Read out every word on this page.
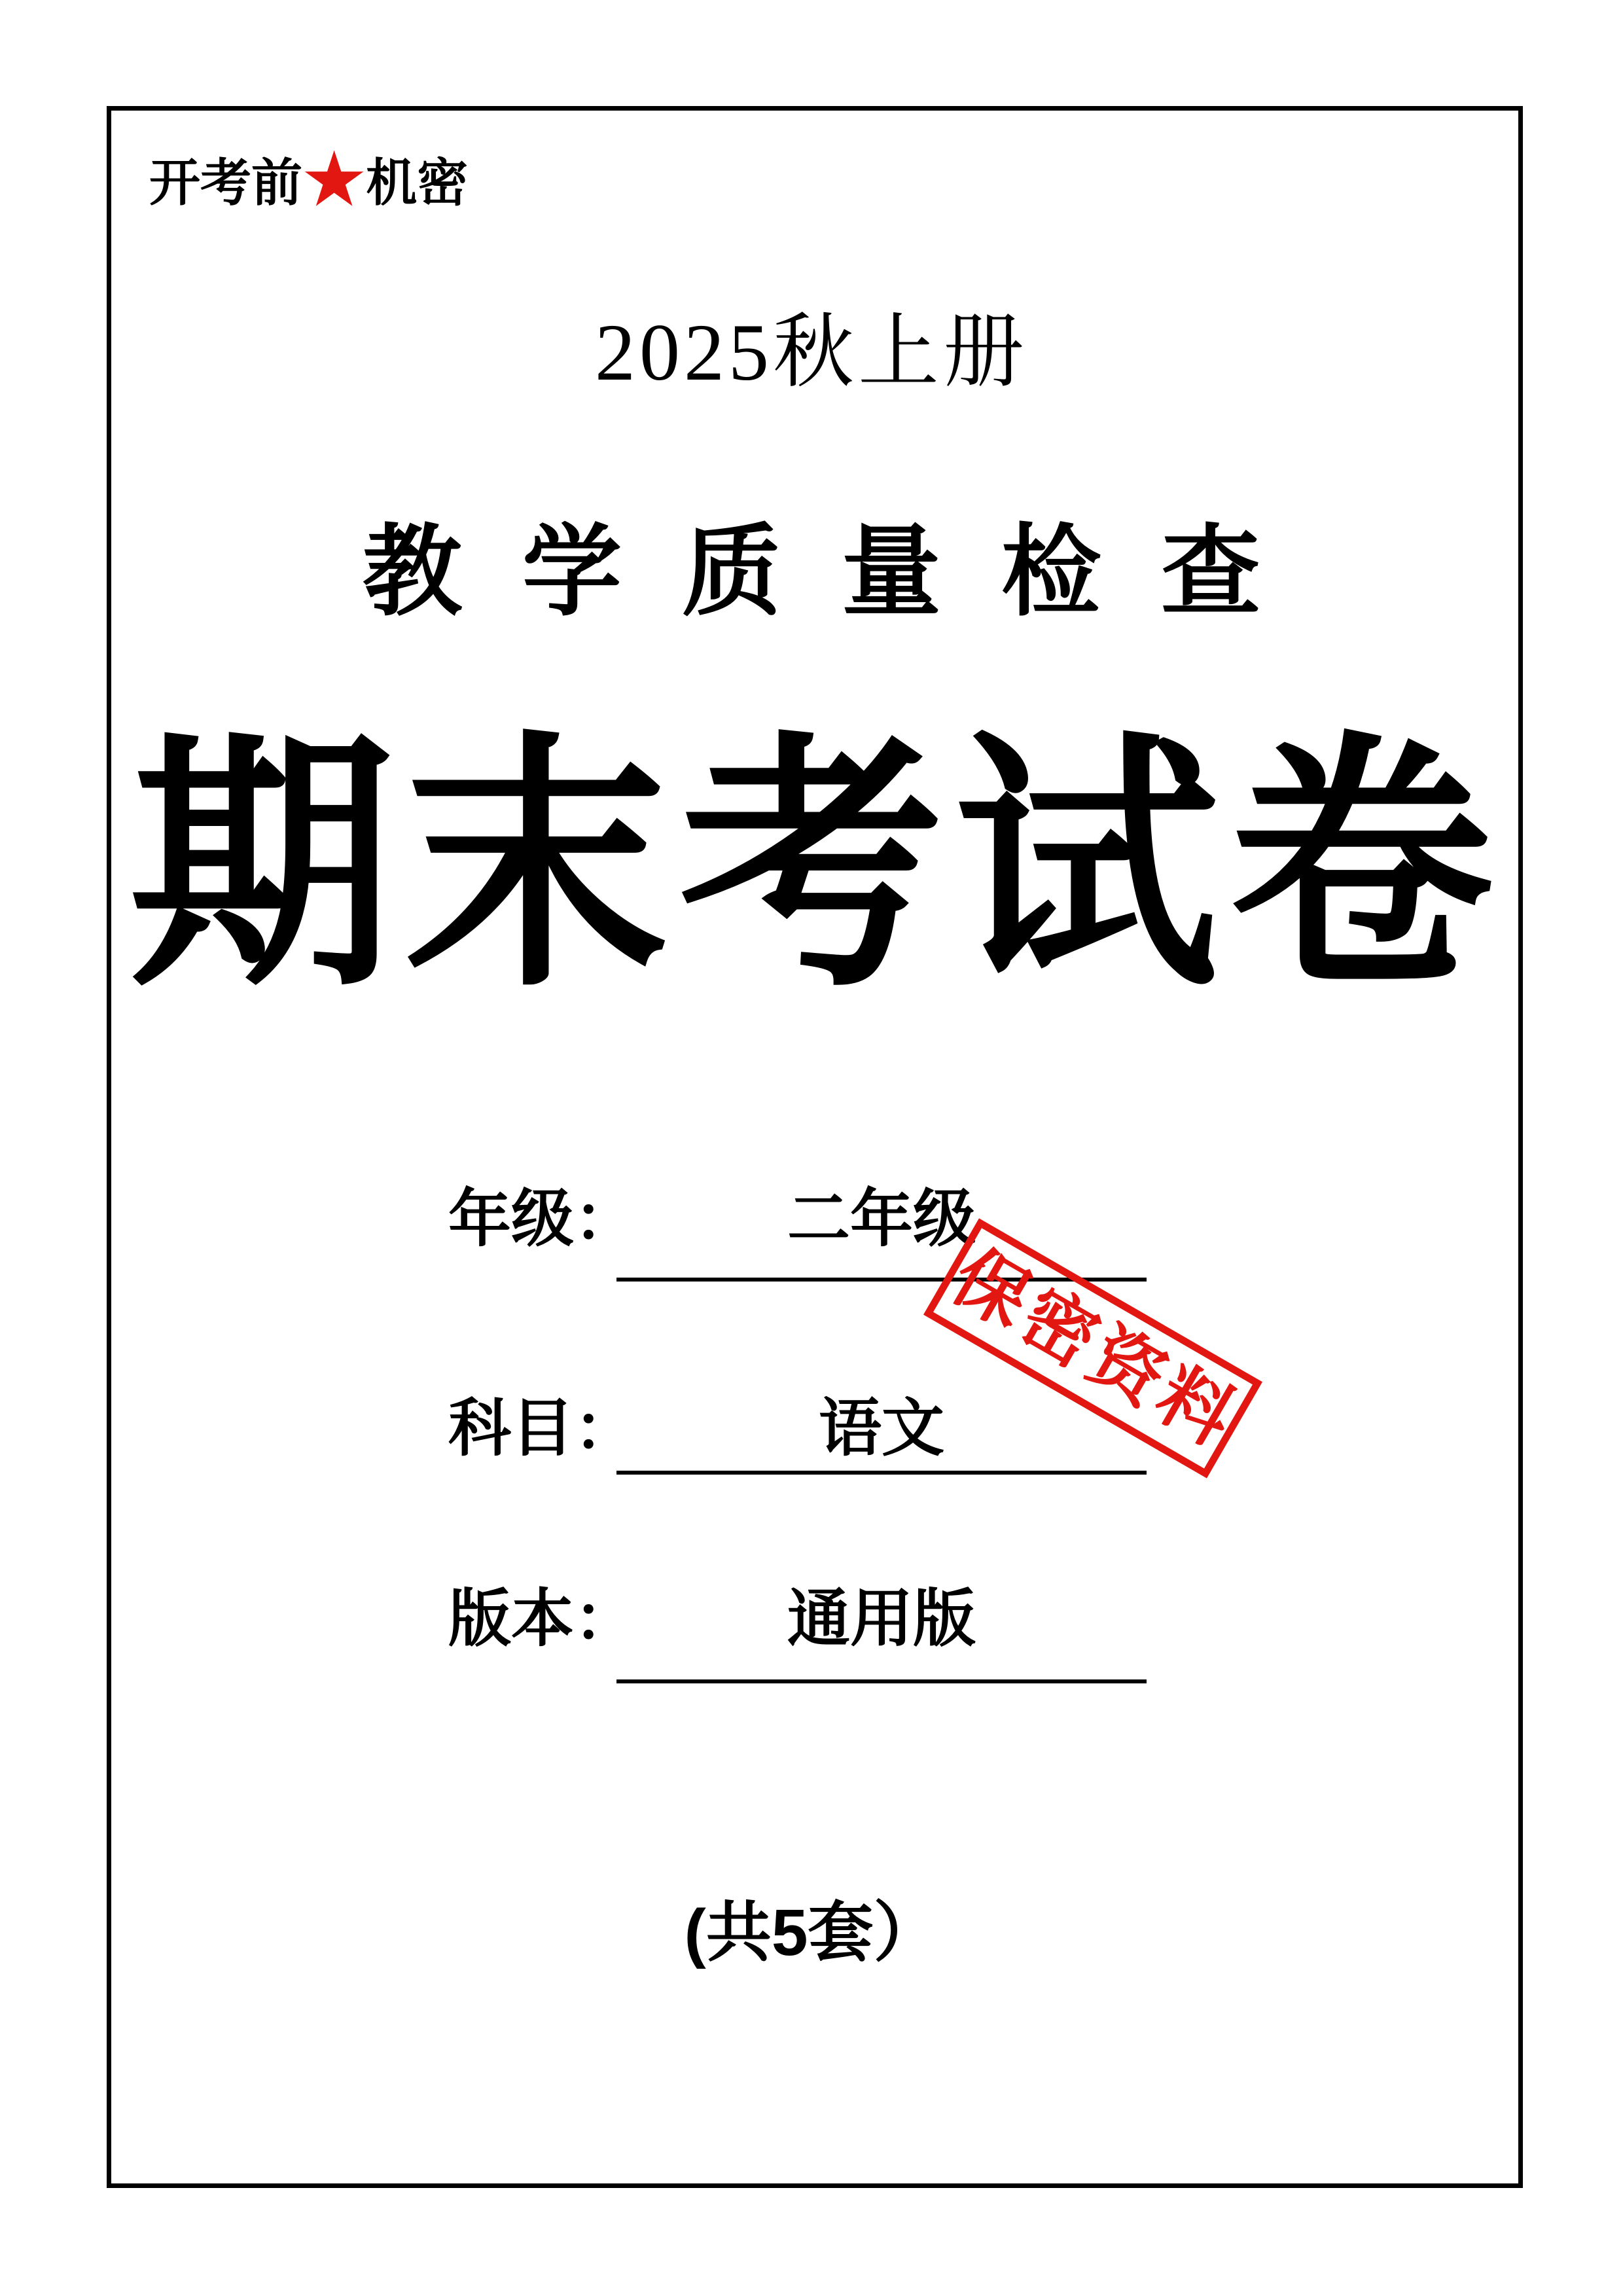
开考前 ★ 机密
2025秋上册
教学质量检查
期末考试卷
年级：	二年级
科目：	语文
版本：	通用版
保密资料
(共5套）
